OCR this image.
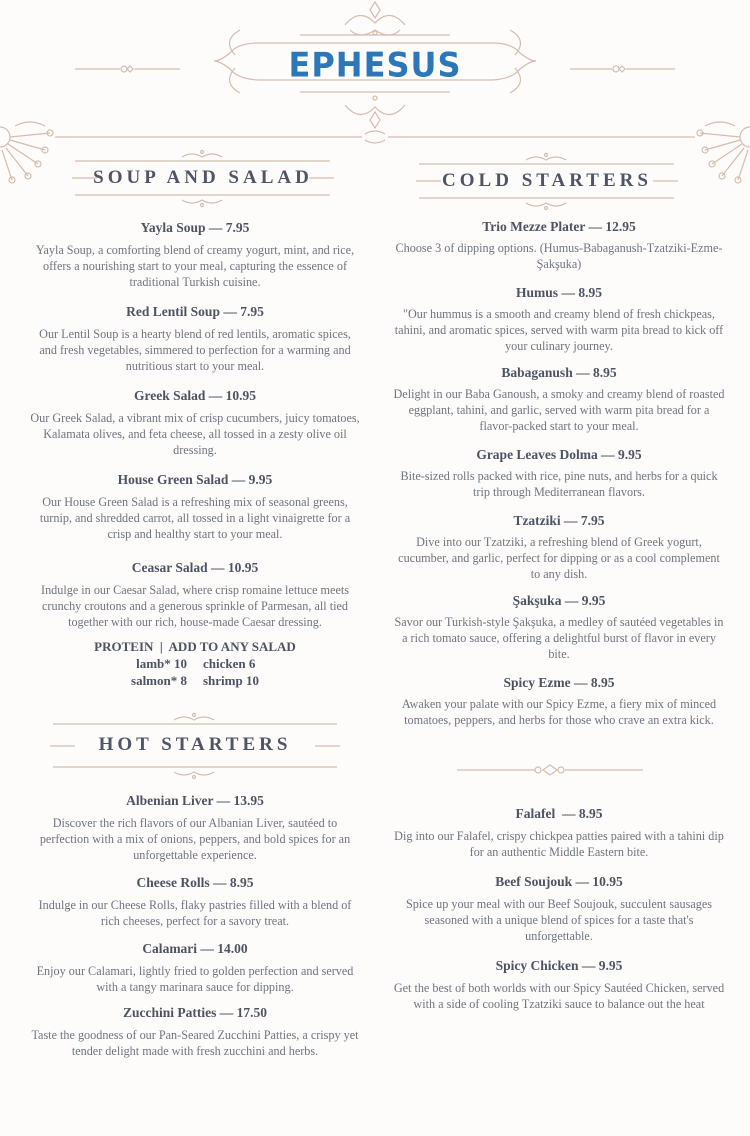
ΕPHESUS
SOUP AND SALAD	COLD STARTERS
HOT STARTERS

Yayla Soup — 7.95

Yayla Soup, a comforting blend of creamy yogurt, mint, and rice, offers a nourishing start to your meal, capturing the essence of traditional Turkish cuisine.

Red Lentil Soup — 7.95

Our Lentil Soup is a hearty blend of red lentils, aromatic spices, and fresh vegetables, simmered to perfection for a warming and nutritious start to your meal.

Greek Salad — 10.95

Our Greek Salad, a vibrant mix of crisp cucumbers, juicy tomatoes, Kalamata olives, and feta cheese, all tossed in a zesty olive oil dressing.

House Green Salad — 9.95

Our House Green Salad is a refreshing mix of seasonal greens, turnip, and shredded carrot, all tossed in a light vinaigrette for a crisp and healthy start to your meal.

Ceasar Salad — 10.95

Indulge in our Caesar Salad, where crisp romaine lettuce meets crunchy croutons and a generous sprinkle of Parmesan, all tied together with our rich, house-made Caesar dressing.

PROTEIN  |  ADD TO ANY SALAD
lamb* 10	chicken 6
salmon* 8	shrimp 10

Albenian Liver — 13.95

Discover the rich flavors of our Albanian Liver, sautéed to perfection with a mix of onions, peppers, and bold spices for an unforgettable experience.

Cheese Rolls — 8.95

Indulge in our Cheese Rolls, flaky pastries filled with a blend of rich cheeses, perfect for a savory treat.

Calamari — 14.00

Enjoy our Calamari, lightly fried to golden perfection and served with a tangy marinara sauce for dipping.

Zucchini Patties — 17.50

Taste the goodness of our Pan-Seared Zucchini Patties, a crispy yet tender delight made with fresh zucchini and herbs.

Trio Mezze Plater — 12.95

Choose 3 of dipping options. (Humus-Babaganush-Tzatziki-Ezme-Şakşuka)

Humus — 8.95

"Our hummus is a smooth and creamy blend of fresh chickpeas, tahini, and aromatic spices, served with warm pita bread to kick off your culinary journey.

Babaganush — 8.95

Delight in our Baba Ganoush, a smoky and creamy blend of roasted eggplant, tahini, and garlic, served with warm pita bread for a flavor-packed start to your meal.

Grape Leaves Dolma — 9.95

Bite-sized rolls packed with rice, pine nuts, and herbs for a quick trip through Mediterranean flavors.

Tzatziki — 7.95

Dive into our Tzatziki, a refreshing blend of Greek yogurt, cucumber, and garlic, perfect for dipping or as a cool complement to any dish.

Şakşuka — 9.95

Savor our Turkish-style Şakşuka, a medley of sautéed vegetables in a rich tomato sauce, offering a delightful burst of flavor in every bite.

Spicy Ezme — 8.95

Awaken your palate with our Spicy Ezme, a fiery mix of minced tomatoes, peppers, and herbs for those who crave an extra kick.

Falafel  — 8.95

Dig into our Falafel, crispy chickpea patties paired with a tahini dip for an authentic Middle Eastern bite.

Beef Soujouk — 10.95

Spice up your meal with our Beef Soujouk, succulent sausages seasoned with a unique blend of spices for a taste that's unforgettable.

Spicy Chicken — 9.95

Get the best of both worlds with our Spicy Sautéed Chicken, served with a side of cooling Tzatziki sauce to balance out the heat
